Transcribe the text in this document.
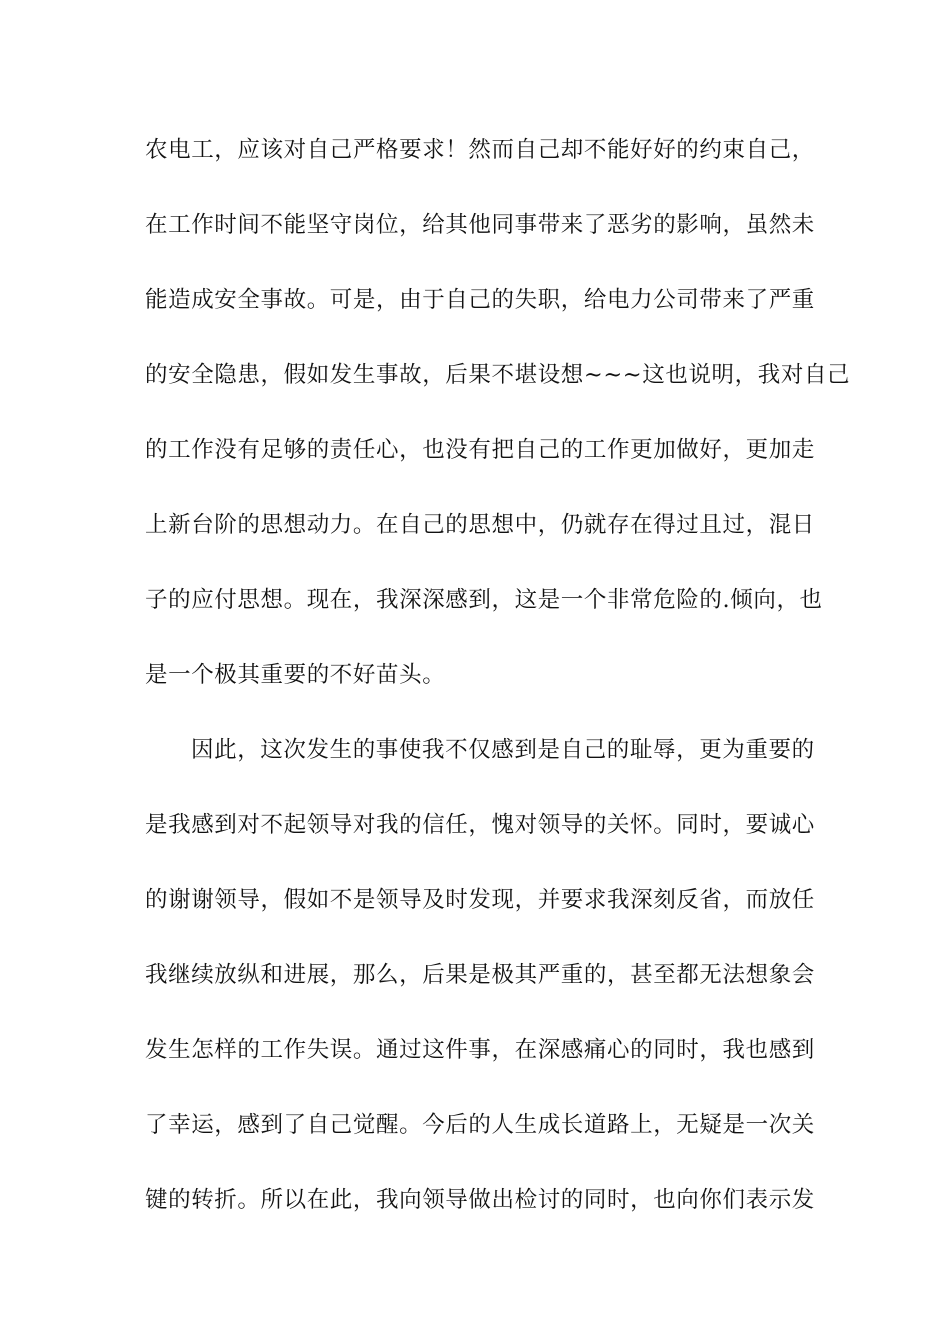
农电工，应该对自己严格要求！然而自己却不能好好的约束自己，
在工作时间不能坚守岗位，给其他同事带来了恶劣的影响，虽然未
能造成安全事故。可是，由于自己的失职，给电力公司带来了严重
的安全隐患，假如发生事故，后果不堪设想~~~这也说明，我对自己
的工作没有足够的责任心，也没有把自己的工作更加做好，更加走
上新台阶的思想动力。在自己的思想中，仍就存在得过且过，混日
子的应付思想。现在，我深深感到，这是一个非常危险的.倾向，也
是一个极其重要的不好苗头。
因此，这次发生的事使我不仅感到是自己的耻辱，更为重要的
是我感到对不起领导对我的信任，愧对领导的关怀。同时，要诚心
的谢谢领导，假如不是领导及时发现，并要求我深刻反省，而放任
我继续放纵和进展，那么，后果是极其严重的，甚至都无法想象会
发生怎样的工作失误。通过这件事，在深感痛心的同时，我也感到
了幸运，感到了自己觉醒。今后的人生成长道路上，无疑是一次关
键的转折。所以在此，我向领导做出检讨的同时，也向你们表示发
